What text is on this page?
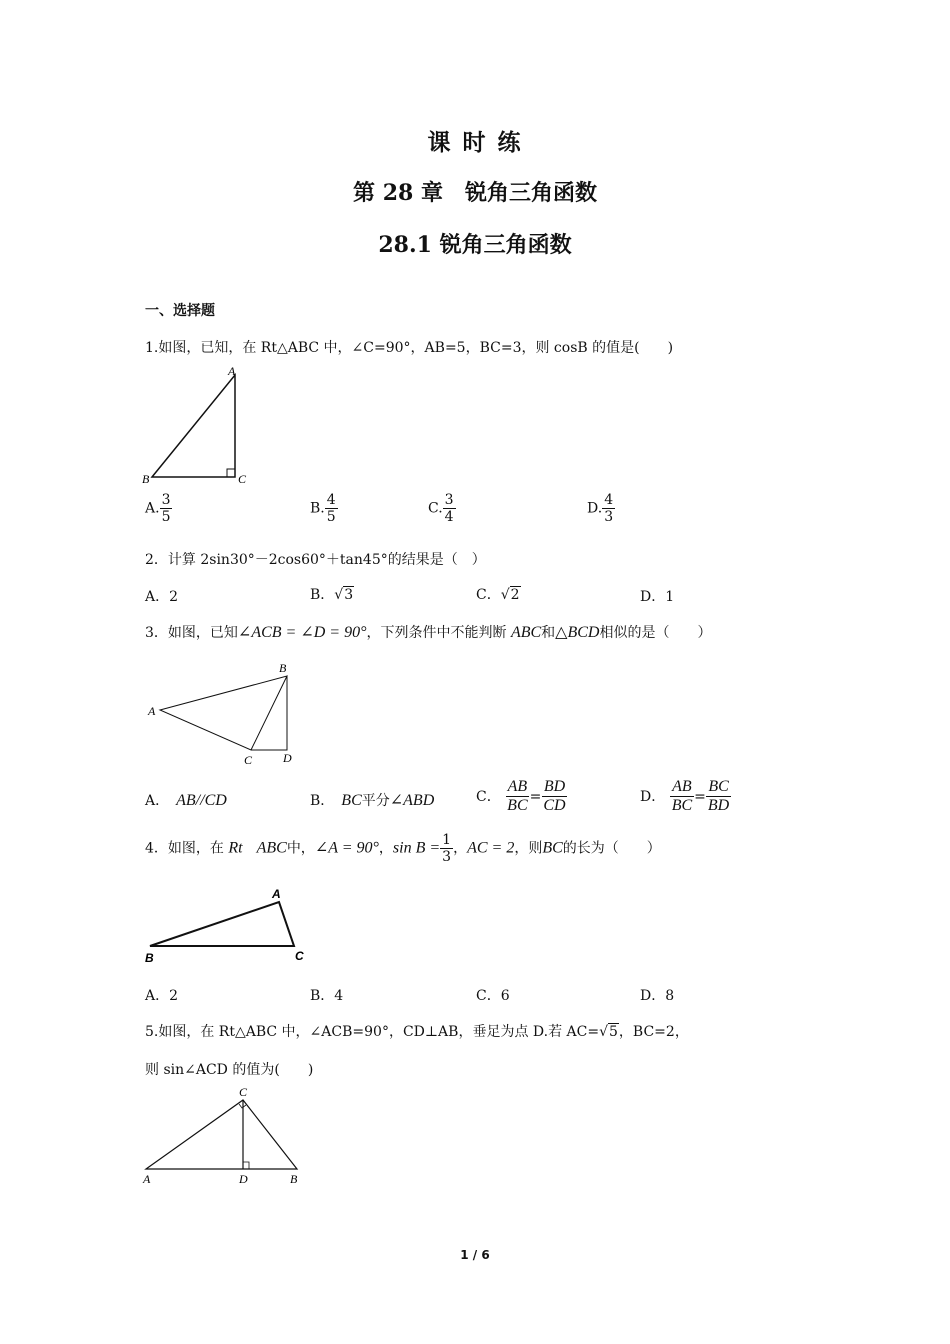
课 时 练
第 28 章　锐角三角函数
28.1 锐角三角函数
一、选择题
1.如图，已知，在 Rt△ABC 中，∠C=90°，AB=5，BC=3，则 cosB 的值是(　　)
A
B	C
A. $\frac{3}{5}$	B. $\frac{4}{5}$	C. $\frac{3}{4}$	D. $\frac{4}{3}$
2．计算 2sin30°－2cos60°＋tan45°的结果是（　）
A．2	B．√ 3	C．√ 2	D．1
3．如图，已知∠ACB = ∠D = 90°，下列条件中不能判断 ABC和△BCD相似的是（　　）
B
A
C	D
A．　 AB//CD	B．　 BC平分∠ABD	C． $\frac{AB}{BC} = \frac{BD}{CD}$	D． $\frac{AB}{BC} = \frac{BC}{BD}$
4．如图，在 Rt　 ABC中，∠A = 90°，$\sin B = \frac{1}{3}$ ，AC = 2，则BC的长为（　　）
A
B	C
A．2	B．4	C．6	D．8
5.如图，在 Rt△ABC 中，∠ACB=90°，CD⊥AB，垂足为点 D.若 AC=√ 5 ，BC=2，
则 sin∠ACD 的值为(　　)
C
A	D	B
1 / 6
